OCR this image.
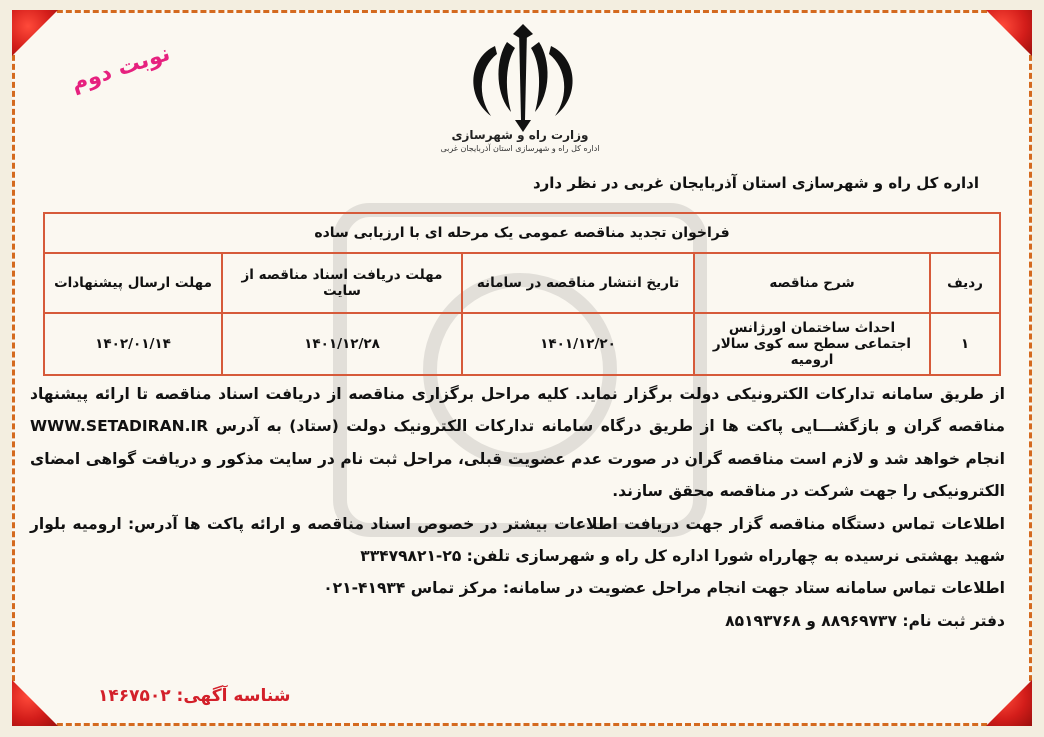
وزارت راه و شهرسازی
اداره کل راه و شهرسازی استان آذربایجان غربی
نوبت دوم
اداره کل راه و شهرسازی استان آذربایجان غربی در نظر دارد
فراخوان تجدید مناقصه عمومی یک مرحله ای با ارزیابی ساده				
ردیف	شرح مناقصه	تاریخ انتشار مناقصه در سامانه	مهلت دریافت اسناد مناقصه از سایت	مهلت ارسال پیشنهادات
۱	احداث ساختمان اورژانس اجتماعی سطح سه کوی سالار ارومیه	۱۴۰۱/۱۲/۲۰	۱۴۰۱/۱۲/۲۸	۱۴۰۲/۰۱/۱۴

از طریق سامانه تدارکات الکترونیکی دولت برگزار نماید. کلیه مراحل برگزاری مناقصه از دریافت اسناد مناقصه تا ارائه پیشنهاد مناقصه گران و بازگشـــایی پاکت ها از طریق درگاه سامانه تدارکات الکترونیک دولت (ستاد) به آدرس WWW.SETADIRAN.IR انجام خواهد شد و لازم است مناقصه گران در صورت عدم عضویت قبلی، مراحل ثبت نام در سایت مذکور و دریافت گواهی امضای الکترونیکی را جهت شرکت در مناقصه محقق سازند.

اطلاعات تماس دستگاه مناقصه گزار جهت دریافت اطلاعات بیشتر در خصوص اسناد مناقصه و ارائه پاکت ها آدرس: ارومیه بلوار شهید بهشتی نرسیده به چهارراه شورا اداره کل راه و شهرسازی تلفن: ۲۵-۳۳۴۷۹۸۲۱

اطلاعات تماس سامانه ستاد جهت انجام مراحل عضویت در سامانه: مرکز تماس ۴۱۹۳۴-۰۲۱

دفتر ثبت نام: ۸۸۹۶۹۷۳۷ و ۸۵۱۹۳۷۶۸

شناسه آگهی: ۱۴۶۷۵۰۲
